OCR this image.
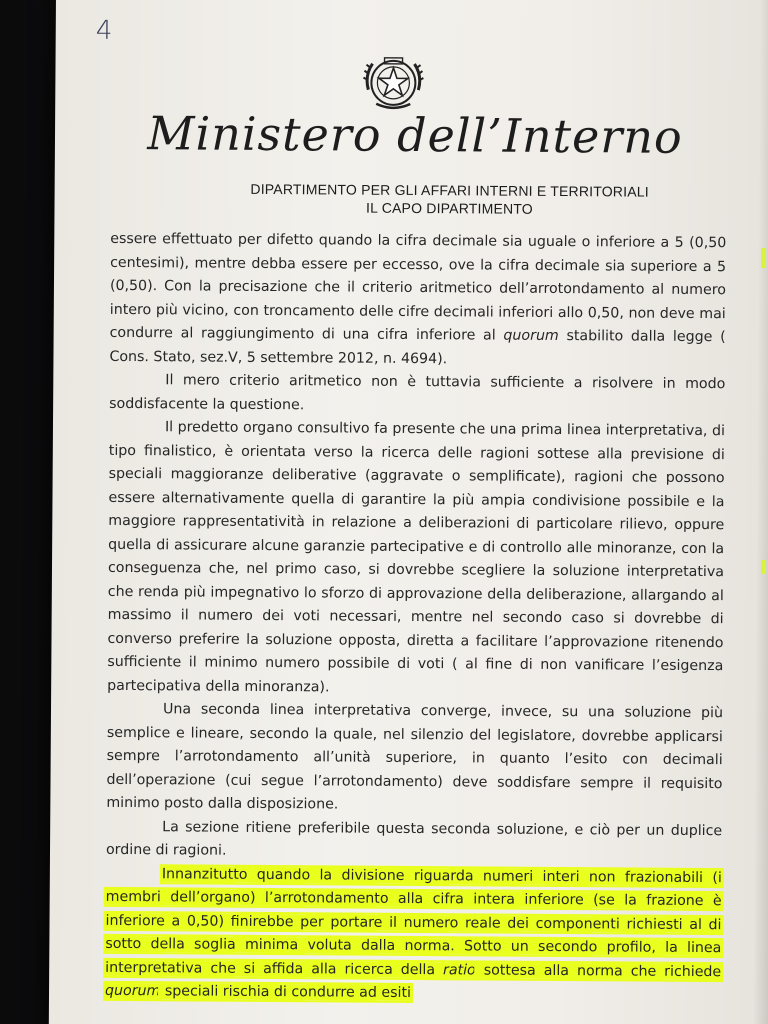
4
Ministero dell’Interno
DIPARTIMENTO PER GLI AFFARI INTERNI E TERRITORIALI
IL CAPO DIPARTIMENTO

essere effettuato per difetto quando la cifra decimale sia uguale o inferiore a 5 (0,50 centesimi), mentre debba essere per eccesso, ove la cifra decimale sia superiore a 5 (0,50). Con la precisazione che il criterio aritmetico dell’arrotondamento al numero intero più vicino, con troncamento delle cifre decimali inferiori allo 0,50, non deve mai condurre al raggiungimento di una cifra inferiore al quorum stabilito dalla legge ( Cons. Stato, sez.V, 5 settembre 2012, n. 4694).

Il mero criterio aritmetico non è tuttavia sufficiente a risolvere in modo soddisfacente la questione.

Il predetto organo consultivo fa presente che una prima linea interpretativa, di tipo finalistico, è orientata verso la ricerca delle ragioni sottese alla previsione di speciali maggioranze deliberative (aggravate o semplificate), ragioni che possono essere alternativamente quella di garantire la più ampia condivisione possibile e la maggiore rappresentatività in relazione a deliberazioni di particolare rilievo, oppure quella di assicurare alcune garanzie partecipative e di controllo alle minoranze, con la conseguenza che, nel primo caso, si dovrebbe scegliere la soluzione interpretativa che renda più impegnativo lo sforzo di approvazione della deliberazione, allargando al massimo il numero dei voti necessari, mentre nel secondo caso si dovrebbe di converso preferire la soluzione opposta, diretta a facilitare l’approvazione ritenendo sufficiente il minimo numero possibile di voti ( al fine di non vanificare l’esigenza partecipativa della minoranza).

Una seconda linea interpretativa converge, invece, su una soluzione più semplice e lineare, secondo la quale, nel silenzio del legislatore, dovrebbe applicarsi sempre l’arrotondamento all’unità superiore, in quanto l’esito con decimali dell’operazione (cui segue l’arrotondamento) deve soddisfare sempre il requisito minimo posto dalla disposizione.

La sezione ritiene preferibile questa seconda soluzione, e ciò per un duplice ordine di ragioni.

Innanzitutto quando la divisione riguarda numeri interi non frazionabili (i membri dell’organo) l’arrotondamento alla cifra intera inferiore (se la frazione è inferiore a 0,50) finirebbe per portare il numero reale dei componenti richiesti al di sotto della soglia minima voluta dalla norma. Sotto un secondo profilo, la linea interpretativa che si affida alla ricerca della ratio sottesa alla norma che richiede quorum speciali rischia di condurre ad esiti
